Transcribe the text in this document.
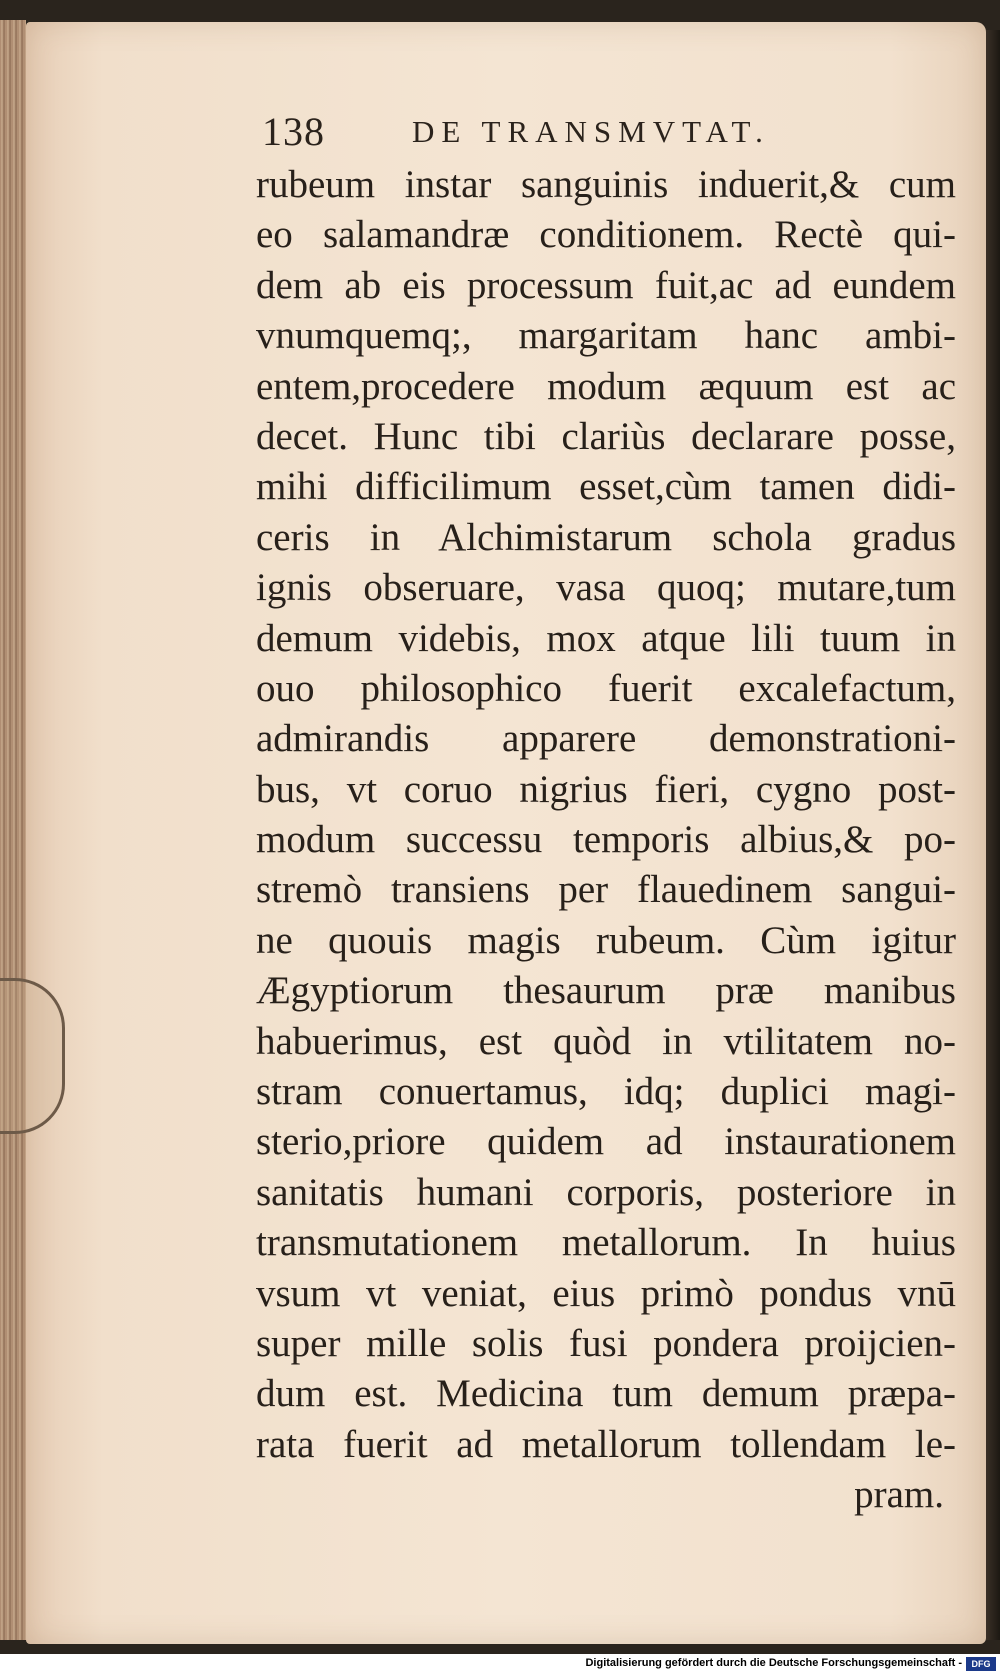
138	DE TRANSMVTAT.
rubeum instar sanguinis induerit,& cum
eo salamandræ conditionem. Rectè qui-
dem ab eis processum fuit,ac ad eundem
vnumquemq;, margaritam hanc ambi-
entem,procedere modum æquum est ac
decet. Hunc tibi clariùs declarare posse,
mihi difficilimum esset,cùm tamen didi-
ceris in Alchimistarum schola gradus
ignis obseruare, vasa quoq; mutare,tum
demum videbis, mox atque lili tuum in
ouo philosophico fuerit excalefactum,
admirandis apparere demonstrationi-
bus, vt coruo nigrius fieri, cygno post-
modum successu temporis albius,& po-
stremò transiens per flauedinem sangui-
ne quouis magis rubeum. Cùm igitur
Ægyptiorum thesaurum præ manibus
habuerimus, est quòd in vtilitatem no-
stram conuertamus, idq; duplici magi-
sterio,priore quidem ad instaurationem
sanitatis humani corporis, posteriore in
transmutationem metallorum. In huius
vsum vt veniat, eius primò pondus vnū
super mille solis fusi pondera proijcien-
dum est. Medicina tum demum præpa-
rata fuerit ad metallorum tollendam le-
pram.
Digitalisierung gefördert durch die Deutsche Forschungsgemeinschaft -	DFG
